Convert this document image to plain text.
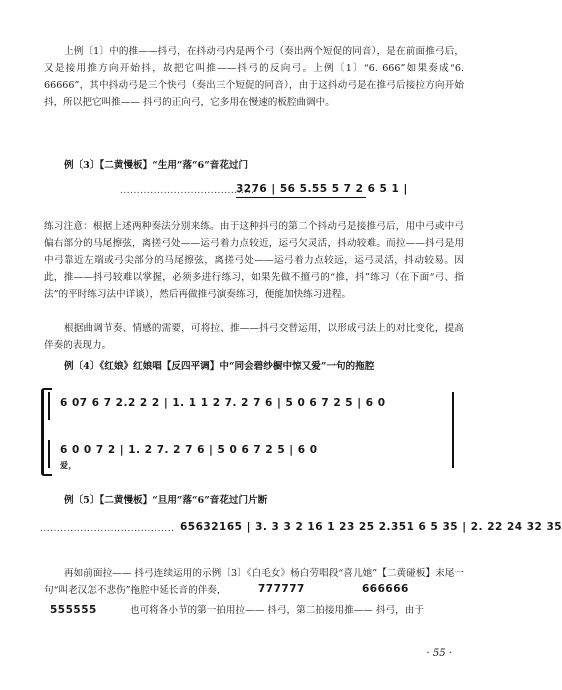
上例〔1〕中的推——抖弓，在抖动弓内是两个弓（奏出两个短促的同音），是在前面推弓后，又是接用推方向开始抖，故把它叫推——抖弓的反向弓。上例〔1〕“6. 666”如果奏成“6. 66666”，其中抖动弓是三个快弓（奏出三个短促的同音），由于这抖动弓是在推弓后接拉方向开始抖，所以把它叫推—— 抖弓的正向弓，它多用在慢速的板腔曲调中。

例〔3〕【二黄慢板】“生用”落“6”音花过门
........................................
3276 | 56 5.55 5 7 2 6 5 1 |

练习注意：根据上述两种奏法分别来练。由于这种抖弓的第二个抖动弓是接推弓后，用中弓或中弓偏右部分的马尾擦弦，离搓弓处——运弓着力点较近，运弓欠灵活，抖动较难。而拉——抖弓是用中弓靠近左端或弓尖部分的马尾擦弦，离搓弓处——运弓着力点较远，运弓灵活，抖动较易。因此，推——抖弓较难以掌握，必须多进行练习，如果先做不擅弓的“推，抖”练习（在下面“弓、指法”的平时练习法中详谈），然后再做推弓演奏练习，便能加快练习进程。

根据曲调节奏、情感的需要，可将拉、推——抖弓交替运用，以形成弓法上的对比变化，提高伴奏的表现力。

例〔4〕《红娘》红娘唱【反四平调】中“同会碧纱橱中惊又爱”一句的拖腔
6 07 6 7 2.2 2 2 | 1. 1 1 2 7. 2 7 6 | 5 0 6 7 2 5 | 6 0
6 0 0 7 2 | 1. 2 7. 2 7 6 | 5 0 6 7 2 5 | 6 0
爱，
例〔5〕【二黄慢板】“旦用”落“6”音花过门片断
........................................ 65632165 | 3. 3 3 2 16 1 23 25 2.351 6 5 35 | 2. 22 24 32 35

再如前面拉—— 抖弓连续运用的示例〔3〕《白毛女》杨白劳唱段“喜儿她”【二黄碰板】末尾一句“叫老汉怎不悲伤”拖腔中延长音的伴奏，	777777	666666
555555	也可将各小节的第一拍用拉—— 抖弓，第二拍接用推—— 抖弓，由于

· 55 ·
